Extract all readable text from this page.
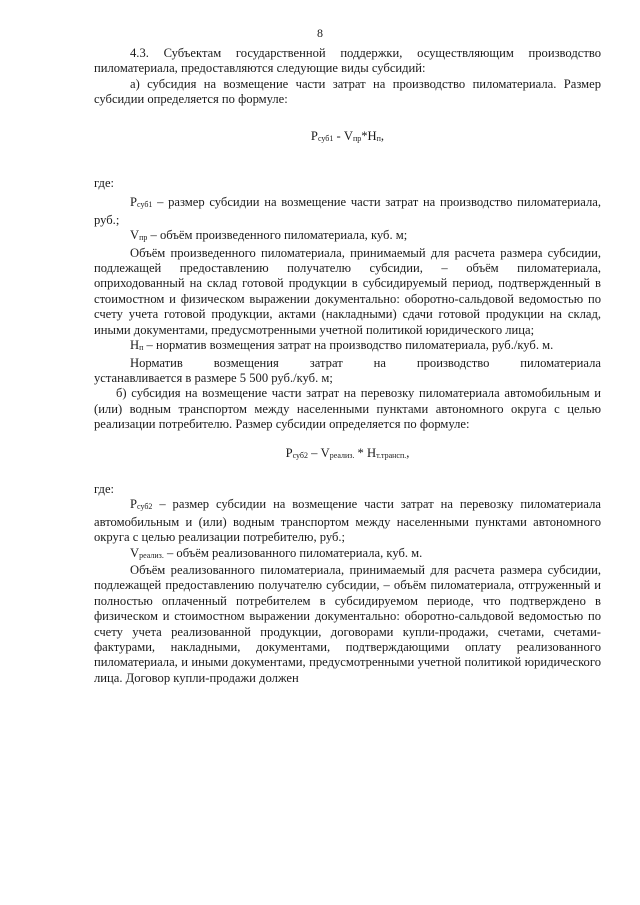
8

4.3. Субъектам государственной поддержки, осуществляющим производство пиломатериала, предоставляются следующие виды субсидий:

а) субсидия на возмещение части затрат на производство пиломатериала. Размер субсидии определяется по формуле:

$Р_{суб1} - V_{пр}*Н_п$,

где:

$Р_{суб1}$ – размер субсидии на возмещение части затрат на производство пиломатериала, руб.;

$V_{пр}$ – объём произведенного пиломатериала, куб. м;

Объём произведенного пиломатериала, принимаемый для расчета размера субсидии, подлежащей предоставлению получателю субсидии, – объём пиломатериала, оприходованный на склад готовой продукции в субсидируемый период, подтвержденный в стоимостном и физическом выражении документально: оборотно-сальдовой ведомостью по счету учета готовой продукции, актами (накладными) сдачи готовой продукции на склад, иными документами, предусмотренными учетной политикой юридического лица;

$Н_п$ – норматив возмещения затрат на производство пиломатериала, руб./куб. м.

Норматив возмещения затрат на производство пиломатериала

устанавливается в размере 5 500 руб./куб. м;

б) субсидия на возмещение части затрат на перевозку пиломатериала автомобильным и (или) водным транспортом между населенными пунктами автономного округа с целью реализации потребителю. Размер субсидии определяется по формуле:

$Р_{суб2} - V_{реализ.} * Н_{т.трансп.}$,

где:

$Р_{суб2}$ – размер субсидии на возмещение части затрат на перевозку пиломатериала автомобильным и (или) водным транспортом между населенными пунктами автономного округа с целью реализации потребителю, руб.;

$V_{реализ.}$ – объём реализованного пиломатериала, куб. м.

Объём реализованного пиломатериала, принимаемый для расчета размера субсидии, подлежащей предоставлению получателю субсидии, – объём пиломатериала, отгруженный и полностью оплаченный потребителем в субсидируемом периоде, что подтверждено в физическом и стоимостном выражении документально: оборотно-сальдовой ведомостью по счету учета реализованной продукции, договорами купли-продажи, счетами, счетами-фактурами, накладными, документами, подтверждающими оплату реализованного пиломатериала, и иными документами, предусмотренными учетной политикой юридического лица. Договор купли-продажи должен
